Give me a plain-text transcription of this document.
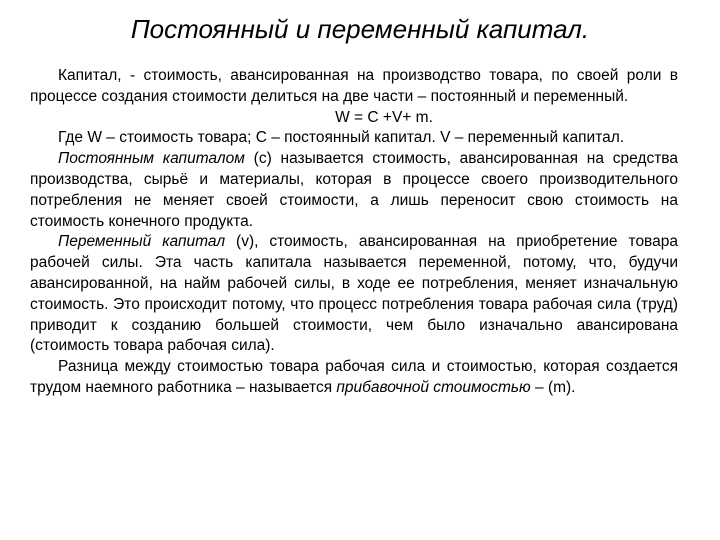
Постоянный и переменный капитал.

Капитал, - стоимость, авансированная на производство товара, по своей роли в процессе создания стоимости делиться на две части – постоянный и переменный.

W = C +V+ m.

Где W – стоимость товара; С – постоянный капитал. V – переменный капитал.

Постоянным капиталом (с) называется стоимость, авансированная на средства производства, сырьё и материалы, которая в процессе своего производительного потребления не меняет своей стоимости, а лишь переносит свою стоимость на стоимость конечного продукта.

Переменный капитал (v), стоимость, авансированная на приобретение товара рабочей силы. Эта часть капитала называется переменной, потому, что, будучи авансированной, на найм рабочей силы, в ходе ее потребления, меняет изначальную стоимость. Это происходит потому, что процесс потребления товара рабочая сила (труд) приводит к созданию большей стоимости, чем было изначально авансирована (стоимость товара рабочая сила).

Разница между стоимостью товара рабочая сила и стоимостью, которая создается трудом наемного работника – называется прибавочной стоимостью – (m).
